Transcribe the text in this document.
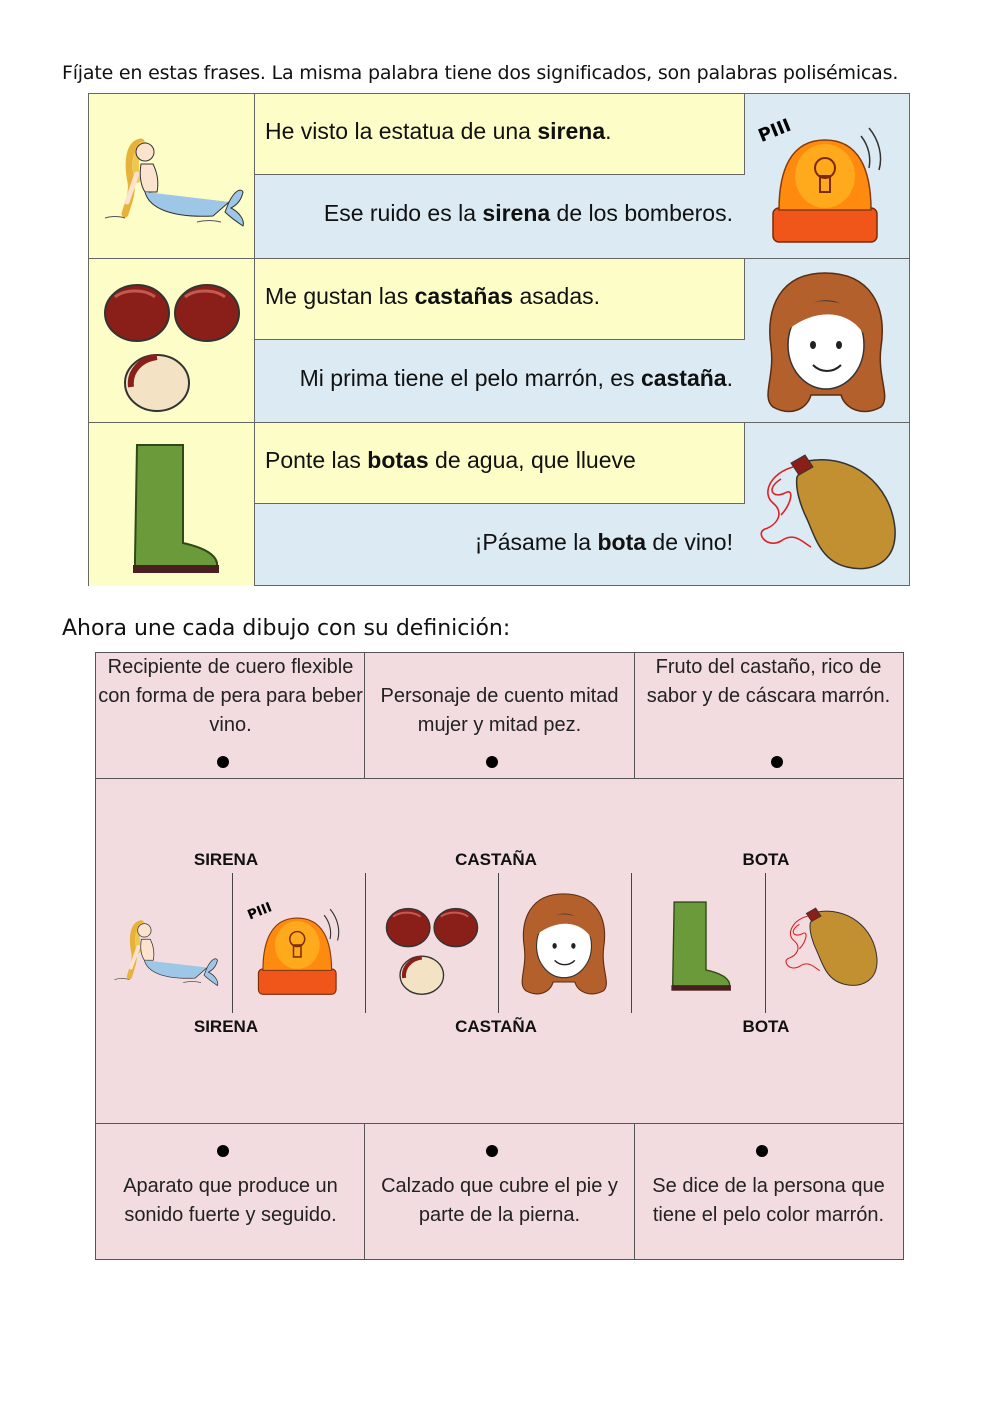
Fíjate en estas frases. La misma palabra tiene dos significados, son palabras polisémicas.
He visto la estatua de una sirena.
Ese ruido es la sirena de los bomberos.
PIII
Me gustan las castañas asadas.
Mi prima tiene el pelo marrón, es castaña.
Ponte las botas de agua, que llueve
¡Pásame la bota de vino!
Ahora une cada dibujo con su definición:
Recipiente de cuero flexible con forma de pera para beber vino.
Personaje de cuento mitad mujer y mitad pez.
Fruto del castaño, rico de sabor y de cáscara marrón.
SIRENA	CASTAÑA	BOTA
PIII
SIRENA	CASTAÑA	BOTA
Aparato que produce un sonido fuerte y seguido.
Calzado que cubre el pie y parte de la pierna.
Se dice de la persona que tiene el pelo color marrón.
